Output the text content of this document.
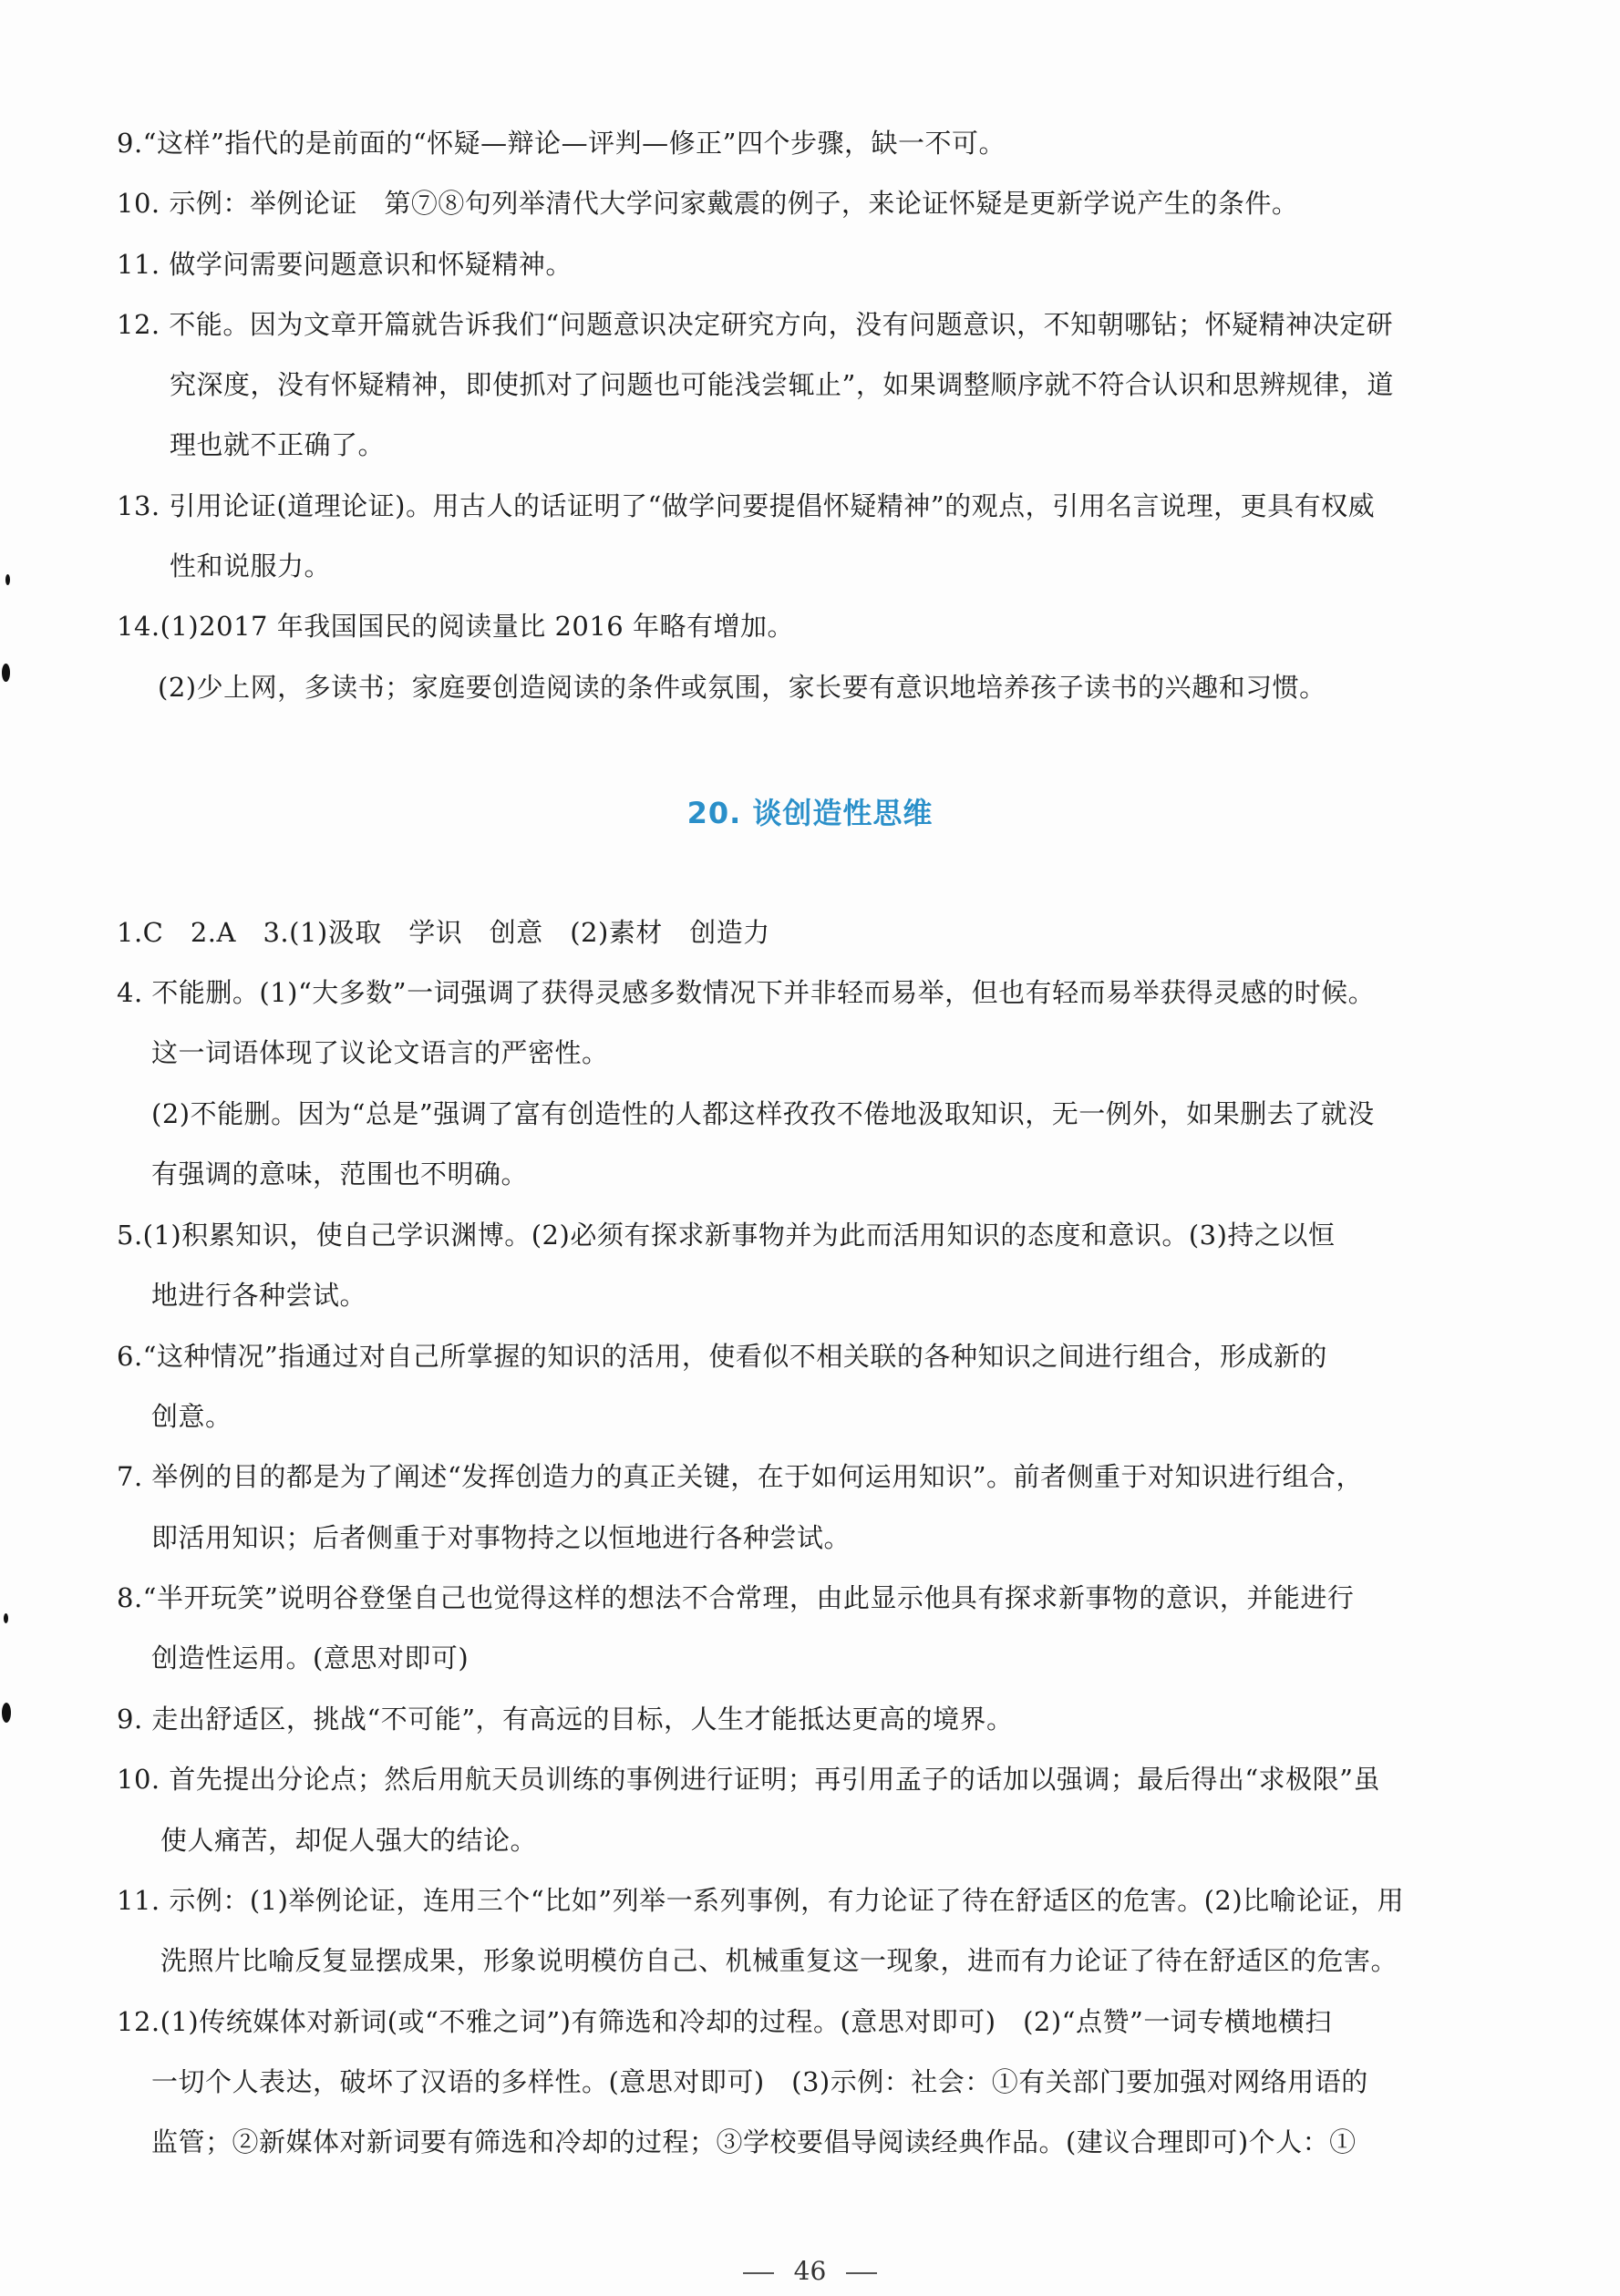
9.“这样”指代的是前面的“怀疑—辩论—评判—修正”四个步骤，缺一不可。
10. 示例：举例论证　第⑦⑧句列举清代大学问家戴震的例子，来论证怀疑是更新学说产生的条件。
11. 做学问需要问题意识和怀疑精神。
12. 不能。因为文章开篇就告诉我们“问题意识决定研究方向，没有问题意识，不知朝哪钻；怀疑精神决定研
究深度，没有怀疑精神，即使抓对了问题也可能浅尝辄止”，如果调整顺序就不符合认识和思辨规律，道
理也就不正确了。
13. 引用论证(道理论证)。用古人的话证明了“做学问要提倡怀疑精神”的观点，引用名言说理，更具有权威
性和说服力。
14.(1)2017 年我国国民的阅读量比 2016 年略有增加。
(2)少上网，多读书；家庭要创造阅读的条件或氛围，家长要有意识地培养孩子读书的兴趣和习惯。
20. 谈创造性思维
1.C　2.A　3.(1)汲取　学识　创意　(2)素材　创造力
4. 不能删。(1)“大多数”一词强调了获得灵感多数情况下并非轻而易举，但也有轻而易举获得灵感的时候。
这一词语体现了议论文语言的严密性。
(2)不能删。因为“总是”强调了富有创造性的人都这样孜孜不倦地汲取知识，无一例外，如果删去了就没
有强调的意味，范围也不明确。
5.(1)积累知识，使自己学识渊博。(2)必须有探求新事物并为此而活用知识的态度和意识。(3)持之以恒
地进行各种尝试。
6.“这种情况”指通过对自己所掌握的知识的活用，使看似不相关联的各种知识之间进行组合，形成新的
创意。
7. 举例的目的都是为了阐述“发挥创造力的真正关键，在于如何运用知识”。前者侧重于对知识进行组合，
即活用知识；后者侧重于对事物持之以恒地进行各种尝试。
8.“半开玩笑”说明谷登堡自己也觉得这样的想法不合常理，由此显示他具有探求新事物的意识，并能进行
创造性运用。(意思对即可)
9. 走出舒适区，挑战“不可能”，有高远的目标，人生才能抵达更高的境界。
10. 首先提出分论点；然后用航天员训练的事例进行证明；再引用孟子的话加以强调；最后得出“求极限”虽
使人痛苦，却促人强大的结论。
11. 示例：(1)举例论证，连用三个“比如”列举一系列事例，有力论证了待在舒适区的危害。(2)比喻论证，用
洗照片比喻反复显摆成果，形象说明模仿自己、机械重复这一现象，进而有力论证了待在舒适区的危害。
12.(1)传统媒体对新词(或“不雅之词”)有筛选和冷却的过程。(意思对即可)　(2)“点赞”一词专横地横扫
一切个人表达，破坏了汉语的多样性。(意思对即可)　(3)示例：社会：①有关部门要加强对网络用语的
监管；②新媒体对新词要有筛选和冷却的过程；③学校要倡导阅读经典作品。(建议合理即可)个人：①
46
